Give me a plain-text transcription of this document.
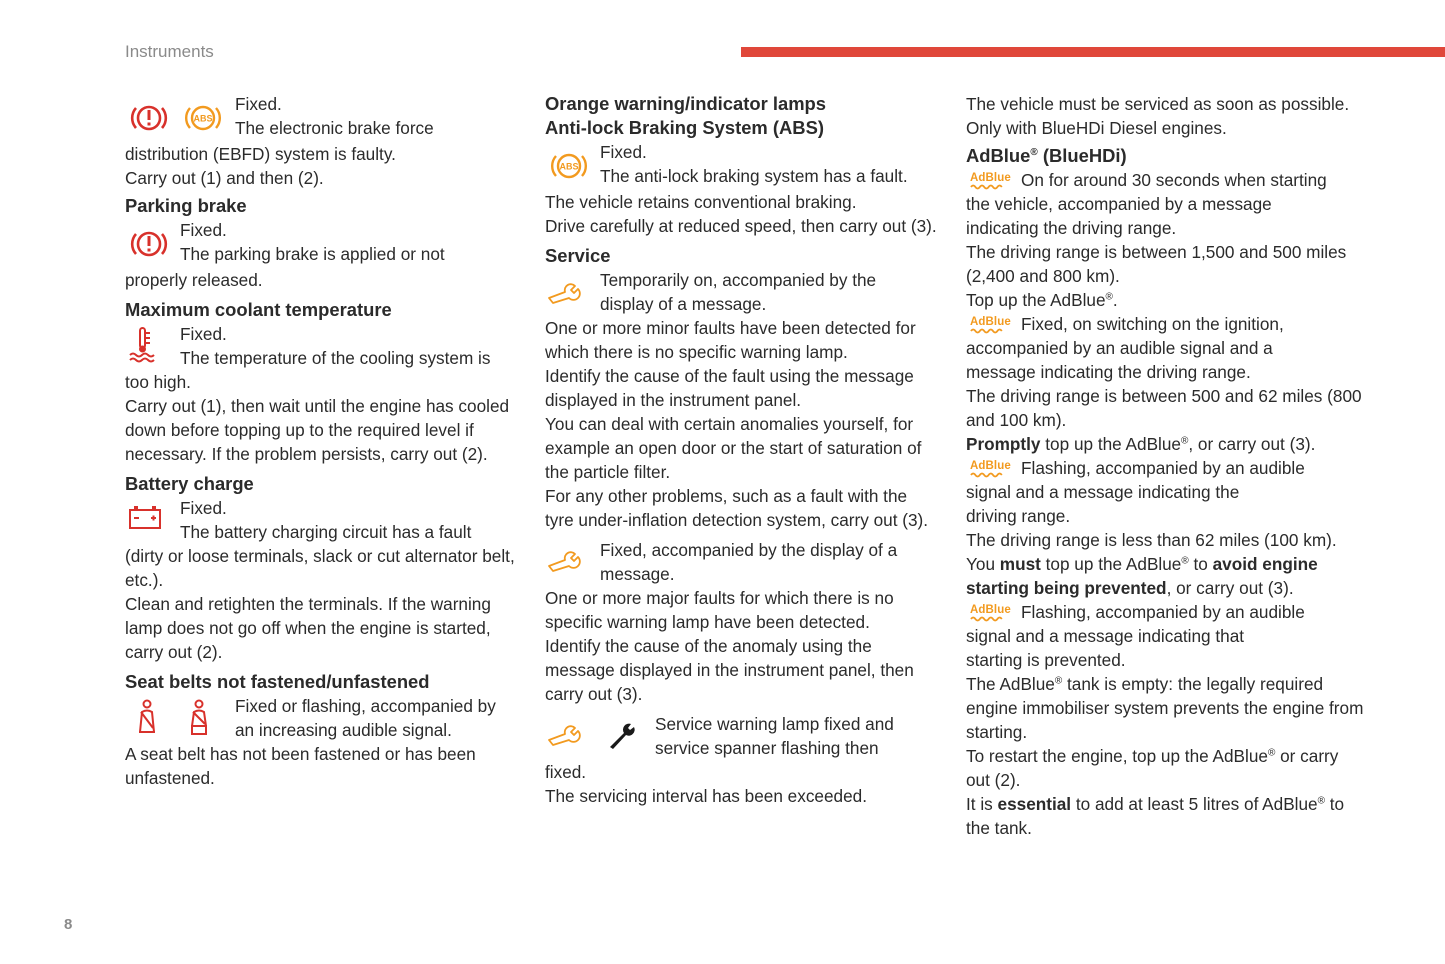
Instruments
8
ABS

Fixed.

The electronic brake force

distribution (EBFD) system is faulty.

Carry out (1) and then (2).

Parking brake

Fixed.

The parking brake is applied or not

properly released.

Maximum coolant temperature

Fixed.

The temperature of the cooling system is

too high.

Carry out (1), then wait until the engine has cooled down before topping up to the required level if necessary. If the problem persists, carry out (2).

Battery charge

Fixed.

The battery charging circuit has a fault

(dirty or loose terminals, slack or cut alternator belt, etc.).

Clean and retighten the terminals. If the warning lamp does not go off when the engine is started, carry out (2).

Seat belts not fastened/unfastened

Fixed or flashing, accompanied by

an increasing audible signal.

A seat belt has not been fastened or has been unfastened.

Orange warning/indicator lamps

Anti-lock Braking System (ABS)

ABS

Fixed.

The anti-lock braking system has a fault.

The vehicle retains conventional braking.

Drive carefully at reduced speed, then carry out (3).

Service

Temporarily on, accompanied by the

display of a message.

One or more minor faults have been detected for which there is no specific warning lamp.

Identify the cause of the fault using the message displayed in the instrument panel.

You can deal with certain anomalies yourself, for example an open door or the start of saturation of the particle filter.

For any other problems, such as a fault with the tyre under-inflation detection system, carry out (3).

Fixed, accompanied by the display of a

message.

One or more major faults for which there is no specific warning lamp have been detected.

Identify the cause of the anomaly using the message displayed in the instrument panel, then carry out (3).

Service warning lamp fixed and

service spanner flashing then

fixed.

The servicing interval has been exceeded.

The vehicle must be serviced as soon as possible.

Only with BlueHDi Diesel engines.

AdBlue® (BlueHDi)

AdBlue On for around 30 seconds when starting

the vehicle, accompanied by a message

indicating the driving range.

The driving range is between 1,500 and 500 miles (2,400 and 800 km).

Top up the AdBlue®.

AdBlue Fixed, on switching on the ignition,

accompanied by an audible signal and a

message indicating the driving range.

The driving range is between 500 and 62 miles (800 and 100 km).

Promptly top up the AdBlue®, or carry out (3).

AdBlue Flashing, accompanied by an audible

signal and a message indicating the

driving range.

The driving range is less than 62 miles (100 km).

You must top up the AdBlue® to avoid engine starting being prevented, or carry out (3).

AdBlue Flashing, accompanied by an audible

signal and a message indicating that

starting is prevented.

The AdBlue® tank is empty: the legally required engine immobiliser system prevents the engine from starting.

To restart the engine, top up the AdBlue® or carry out (2).

It is essential to add at least 5 litres of AdBlue® to the tank.
